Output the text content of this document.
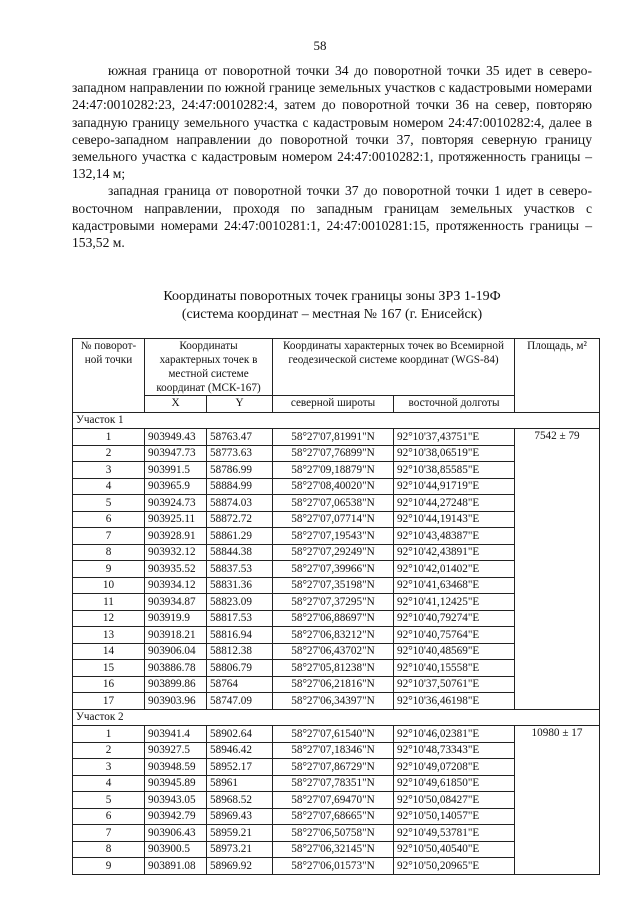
58

южная граница от поворотной точки 34 до поворотной точки 35 идет в северо-западном направлении по южной границе земельных участков с кадастровыми номерами 24:47:0010282:23, 24:47:0010282:4, затем до поворотной точки 36 на север, повторяю западную границу земельного участка с кадастровым номером 24:47:0010282:4, далее в северо-западном направлении до поворотной точки 37, повторяя северную границу земельного участка с кадастровым номером 24:47:0010282:1, протяженность границы – 132,14 м;

западная граница от поворотной точки 37 до поворотной точки 1 идет в северо-восточном направлении, проходя по западным границам земельных участков с кадастровыми номерами 24:47:0010281:1, 24:47:0010281:15, протяженность границы – 153,52 м.

Координаты поворотных точек границы зоны ЗРЗ 1-19Ф
(система координат – местная № 167 (г. Енисейск)
№ поворот-ной точки	Координаты характерных точек в местной системе координат (МСК-167)		Координаты характерных точек во Всемирной геодезической системе координат (WGS-84)		Площадь, м²
	X	Y	северной широты	восточной долготы	
Участок 1					
1	903949.43	58763.47	58°27'07,81991"N	92°10'37,43751"E	7542 ± 79
2	903947.73	58773.63	58°27'07,76899"N	92°10'38,06519"E	
3	903991.5	58786.99	58°27'09,18879"N	92°10'38,85585"E	
4	903965.9	58884.99	58°27'08,40020"N	92°10'44,91719"E	
5	903924.73	58874.03	58°27'07,06538"N	92°10'44,27248"E	
6	903925.11	58872.72	58°27'07,07714"N	92°10'44,19143"E	
7	903928.91	58861.29	58°27'07,19543"N	92°10'43,48387"E	
8	903932.12	58844.38	58°27'07,29249"N	92°10'42,43891"E	
9	903935.52	58837.53	58°27'07,39966"N	92°10'42,01402"E	
10	903934.12	58831.36	58°27'07,35198"N	92°10'41,63468"E	
11	903934.87	58823.09	58°27'07,37295"N	92°10'41,12425"E	
12	903919.9	58817.53	58°27'06,88697"N	92°10'40,79274"E	
13	903918.21	58816.94	58°27'06,83212"N	92°10'40,75764"E	
14	903906.04	58812.38	58°27'06,43702"N	92°10'40,48569"E	
15	903886.78	58806.79	58°27'05,81238"N	92°10'40,15558"E	
16	903899.86	58764	58°27'06,21816"N	92°10'37,50761"E	
17	903903.96	58747.09	58°27'06,34397"N	92°10'36,46198"E	
Участок 2					
1	903941.4	58902.64	58°27'07,61540"N	92°10'46,02381"E	10980 ± 17
2	903927.5	58946.42	58°27'07,18346"N	92°10'48,73343"E	
3	903948.59	58952.17	58°27'07,86729"N	92°10'49,07208"E	
4	903945.89	58961	58°27'07,78351"N	92°10'49,61850"E	
5	903943.05	58968.52	58°27'07,69470"N	92°10'50,08427"E	
6	903942.79	58969.43	58°27'07,68665"N	92°10'50,14057"E	
7	903906.43	58959.21	58°27'06,50758"N	92°10'49,53781"E	
8	903900.5	58973.21	58°27'06,32145"N	92°10'50,40540"E	
9	903891.08	58969.92	58°27'06,01573"N	92°10'50,20965"E	
